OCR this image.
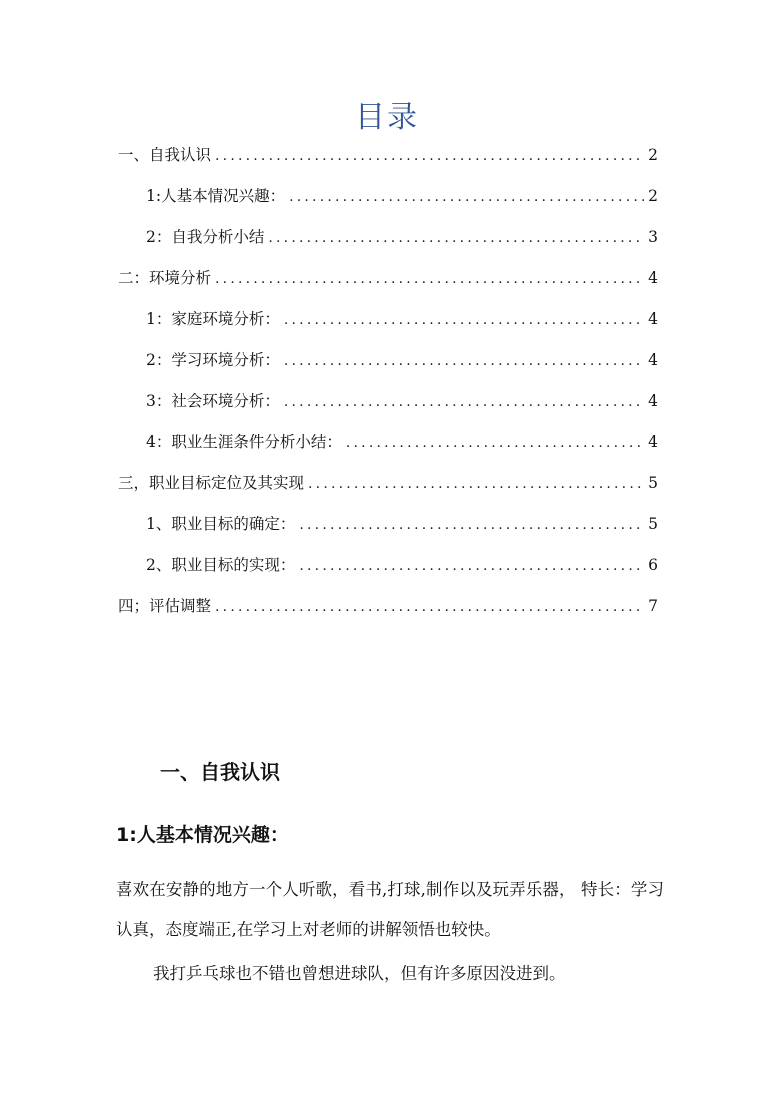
目录
一、自我认识 .....	2
1:人基本情况兴趣： .....	2
2：自我分析小结 .....	3
二：环境分析 .....	4
1：家庭环境分析： .....	4
2：学习环境分析： .....	4
3：社会环境分析： .....	4
4：职业生涯条件分析小结： .....	4
三，职业目标定位及其实现 .....	5
1、职业目标的确定： .....	5
2、职业目标的实现： .....	6
四；评估调整 .....	7
一、自我认识
1:人基本情况兴趣：
喜欢在安静的地方一个人听歌，看书,打球,制作以及玩弄乐器， 特长：学习认真，态度端正,在学习上对老师的讲解领悟也较快。
我打乒乓球也不错也曾想进球队，但有许多原因没进到。
